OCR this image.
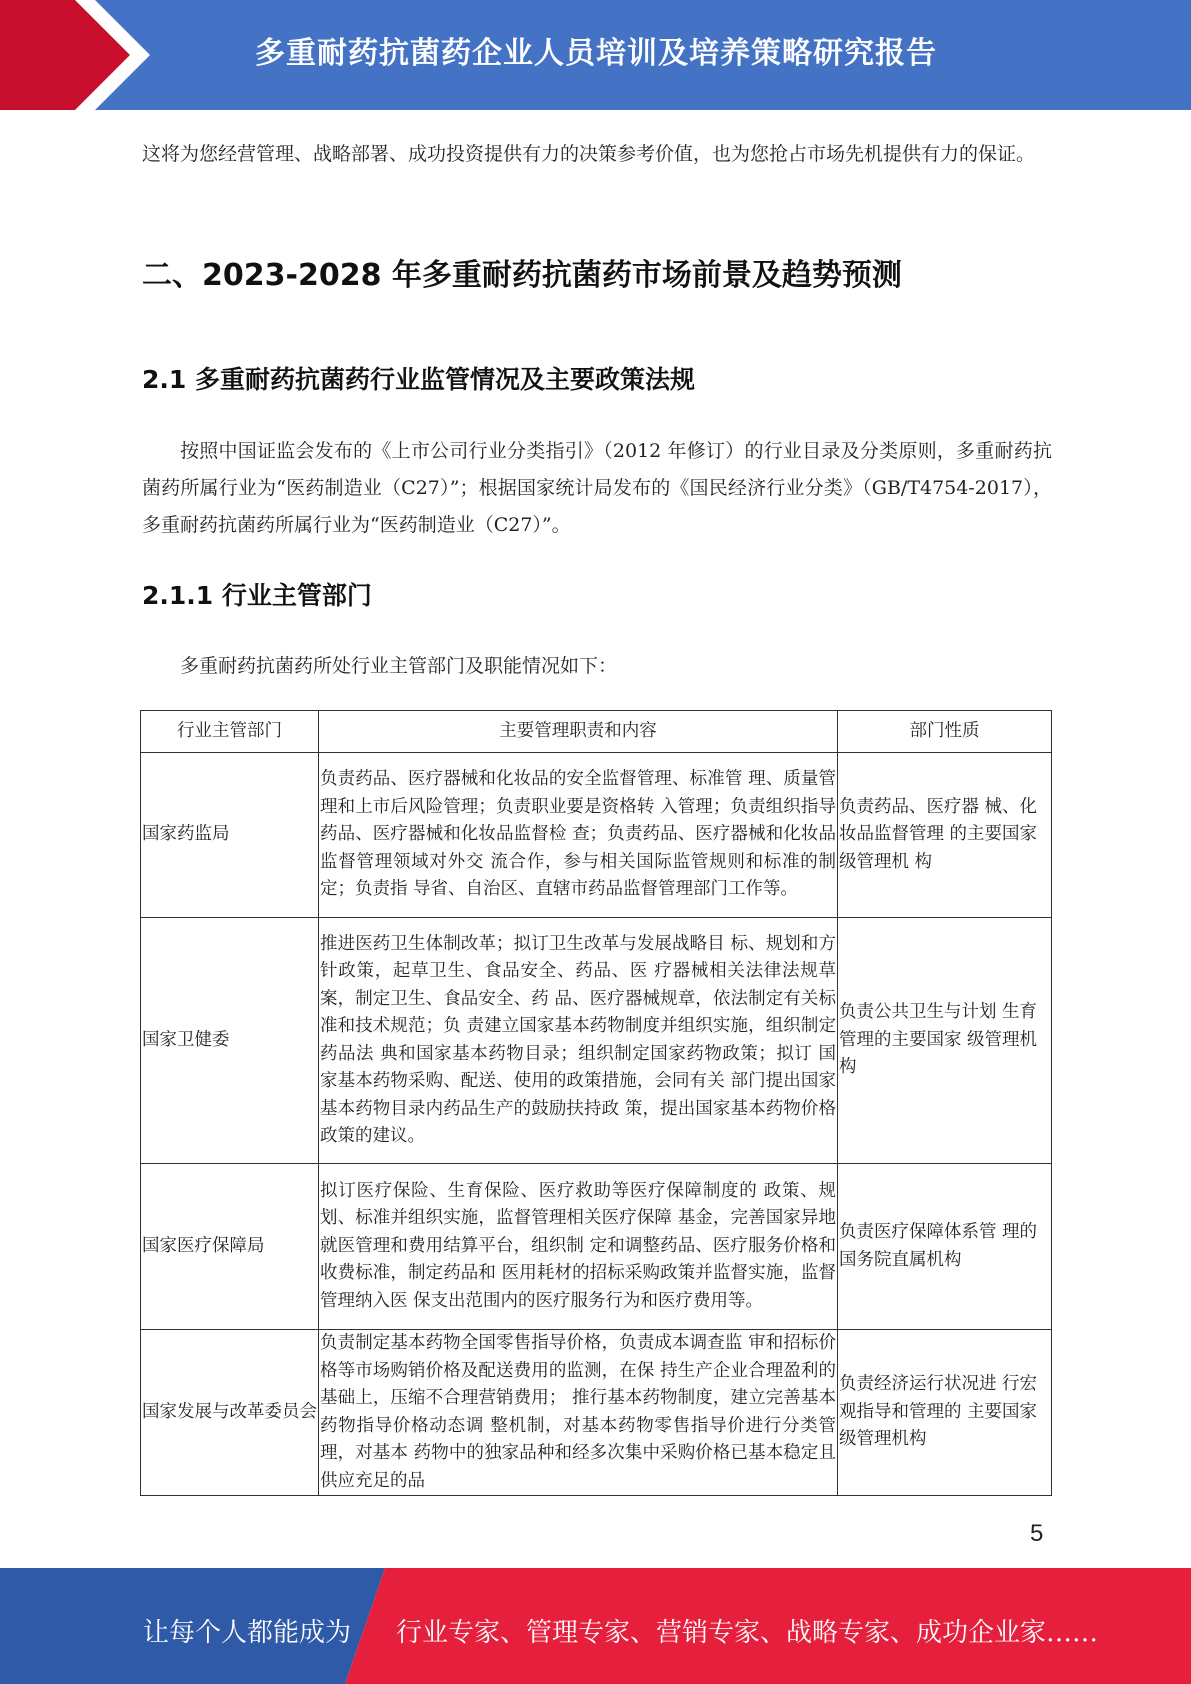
多重耐药抗菌药企业人员培训及培养策略研究报告

这将为您经营管理、战略部署、成功投资提供有力的决策参考价值，也为您抢占市场先机提供有力的保证。

二、2023-2028 年多重耐药抗菌药市场前景及趋势预测
2.1 多重耐药抗菌药行业监管情况及主要政策法规

按照中国证监会发布的《上市公司行业分类指引》（2012 年修订）的行业目录及分类原则，多重耐药抗菌药所属行业为“医药制造业（C27）”；根据国家统计局发布的《国民经济行业分类》（GB/T4754-2017），多重耐药抗菌药所属行业为“医药制造业（C27）”。

2.1.1 行业主管部门

多重耐药抗菌药所处行业主管部门及职能情况如下：

行业主管部门	主要管理职责和内容	部门性质
国家药监局	负责药品、医疗器械和化妆品的安全监督管理、标准管 理、质量管理和上市后风险管理；负责职业要是资格转 入管理；负责组织指导药品、医疗器械和化妆品监督检 查；负责药品、医疗器械和化妆品监督管理领域对外交 流合作，参与相关国际监管规则和标准的制定；负责指 导省、自治区、直辖市药品监督管理部门工作等。	负责药品、医疗器 械、化妆品监督管理 的主要国家级管理机 构
国家卫健委	推进医药卫生体制改革；拟订卫生改革与发展战略目 标、规划和方针政策，起草卫生、食品安全、药品、医 疗器械相关法律法规草案，制定卫生、食品安全、药 品、医疗器械规章，依法制定有关标准和技术规范；负 责建立国家基本药物制度并组织实施，组织制定药品法 典和国家基本药物目录；组织制定国家药物政策；拟订 国家基本药物采购、配送、使用的政策措施，会同有关 部门提出国家基本药物目录内药品生产的鼓励扶持政 策，提出国家基本药物价格政策的建议。	负责公共卫生与计划 生育管理的主要国家 级管理机构
国家医疗保障局	拟订医疗保险、生育保险、医疗救助等医疗保障制度的 政策、规划、标准并组织实施，监督管理相关医疗保障 基金，完善国家异地就医管理和费用结算平台，组织制 定和调整药品、医疗服务价格和收费标准，制定药品和 医用耗材的招标采购政策并监督实施，监督管理纳入医 保支出范围内的医疗服务行为和医疗费用等。	负责医疗保障体系管 理的国务院直属机构
国家发展与改革委员会	负责制定基本药物全国零售指导价格，负责成本调查监 审和招标价格等市场购销价格及配送费用的监测，在保 持生产企业合理盈利的基础上，压缩不合理营销费用； 推行基本药物制度，建立完善基本药物指导价格动态调 整机制，对基本药物零售指导价进行分类管理，对基本 药物中的独家品种和经多次集中采购价格已基本稳定且 供应充足的品	负责经济运行状况进 行宏观指导和管理的 主要国家级管理机构
5
让每个人都能成为 行业专家、管理专家、营销专家、战略专家、成功企业家……
